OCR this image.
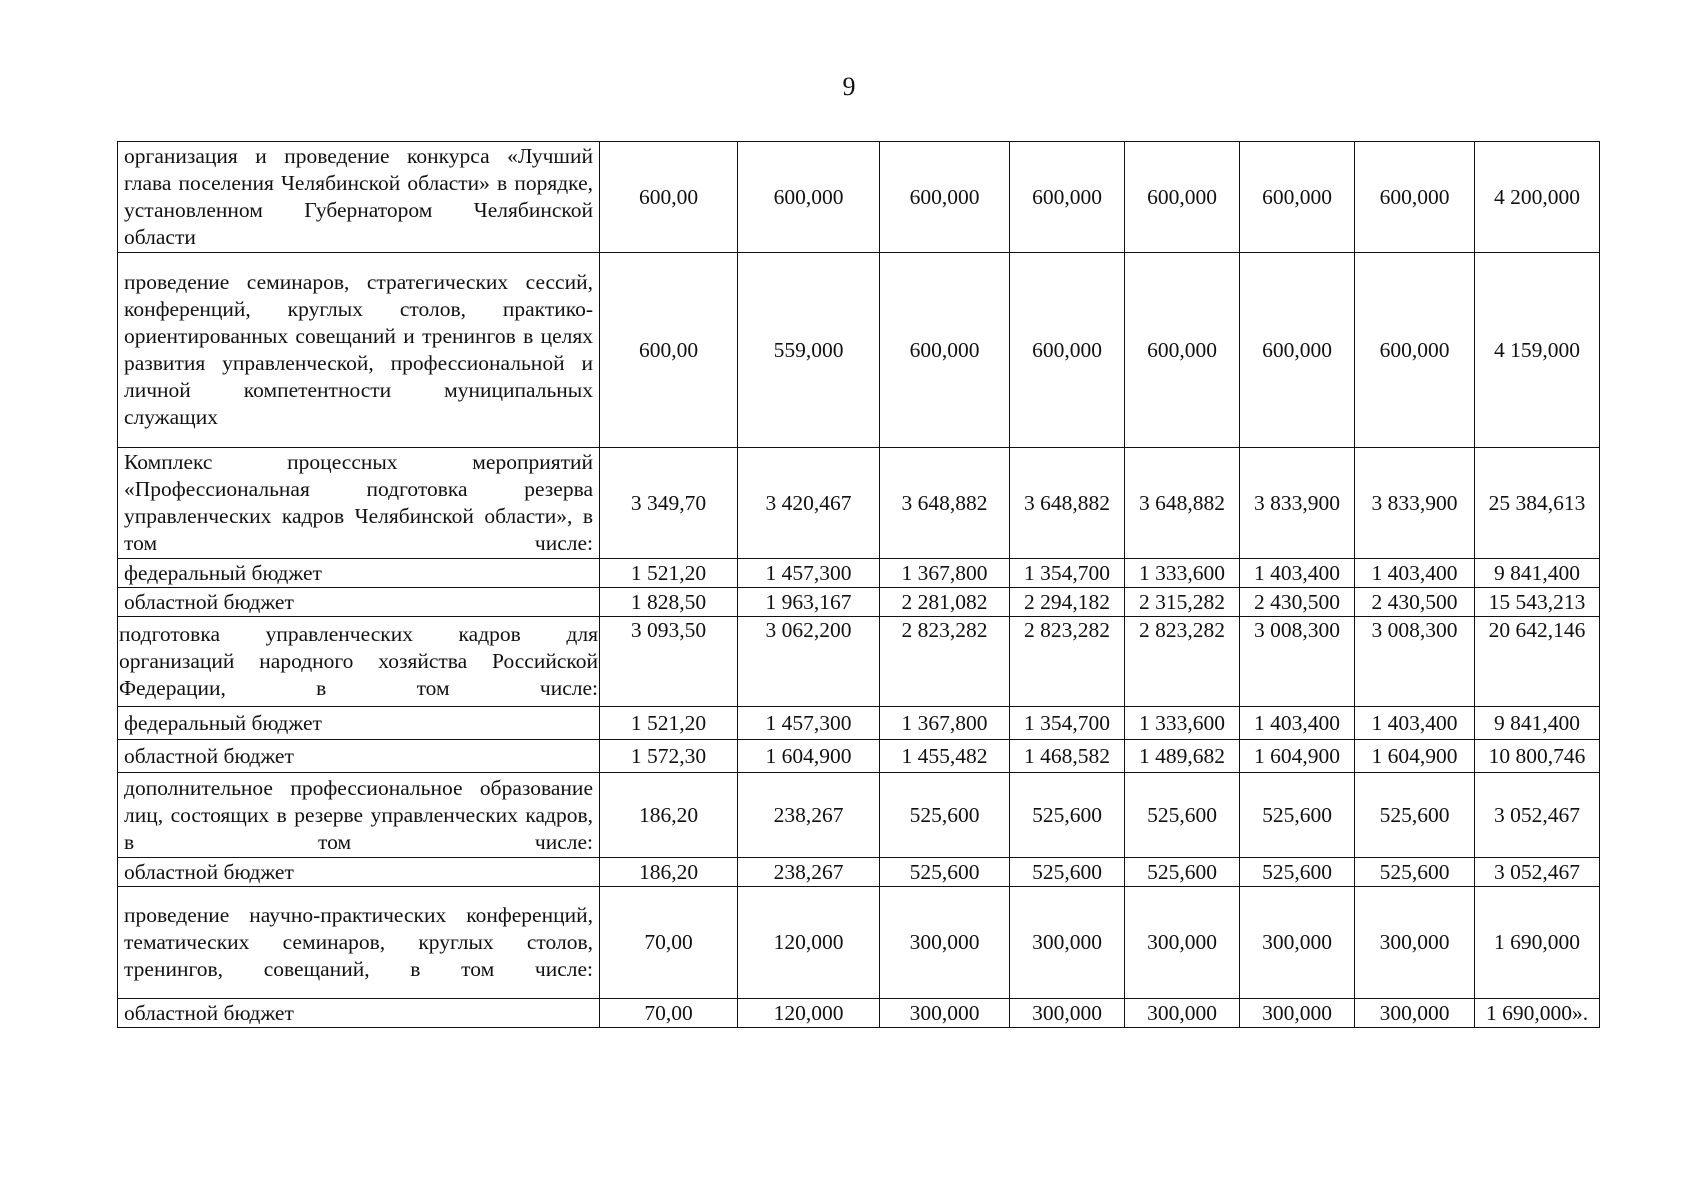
9
организация и проведение конкурса «Лучший глава поселения Челябинской области» в порядке, установленном Губернатором Челябинской области	600,00	600,000	600,000	600,000	600,000	600,000	600,000	4 200,000
проведение семинаров, стратегических сессий, конференций, круглых столов, практико-ориентированных совещаний и тренингов в целях развития управленческой, профессиональной и личной компетентности муниципальных служащих	600,00	559,000	600,000	600,000	600,000	600,000	600,000	4 159,000
Комплекс процессных мероприятий «Профессиональная подготовка резерва управленческих кадров Челябинской области», в том числе:	3 349,70	3 420,467	3 648,882	3 648,882	3 648,882	3 833,900	3 833,900	25 384,613
федеральный бюджет	1 521,20	1 457,300	1 367,800	1 354,700	1 333,600	1 403,400	1 403,400	9 841,400
областной бюджет	1 828,50	1 963,167	2 281,082	2 294,182	2 315,282	2 430,500	2 430,500	15 543,213
подготовка управленческих кадров для организаций народного хозяйства Российской Федерации, в том числе:	3 093,50	3 062,200	2 823,282	2 823,282	2 823,282	3 008,300	3 008,300	20 642,146
федеральный бюджет	1 521,20	1 457,300	1 367,800	1 354,700	1 333,600	1 403,400	1 403,400	9 841,400
областной бюджет	1 572,30	1 604,900	1 455,482	1 468,582	1 489,682	1 604,900	1 604,900	10 800,746
дополнительное профессиональное образование лиц, состоящих в резерве управленческих кадров, в том числе:	186,20	238,267	525,600	525,600	525,600	525,600	525,600	3 052,467
областной бюджет	186,20	238,267	525,600	525,600	525,600	525,600	525,600	3 052,467
проведение научно-практических конференций, тематических семинаров, круглых столов, тренингов, совещаний, в том числе:	70,00	120,000	300,000	300,000	300,000	300,000	300,000	1 690,000
областной бюджет	70,00	120,000	300,000	300,000	300,000	300,000	300,000	1 690,000».
